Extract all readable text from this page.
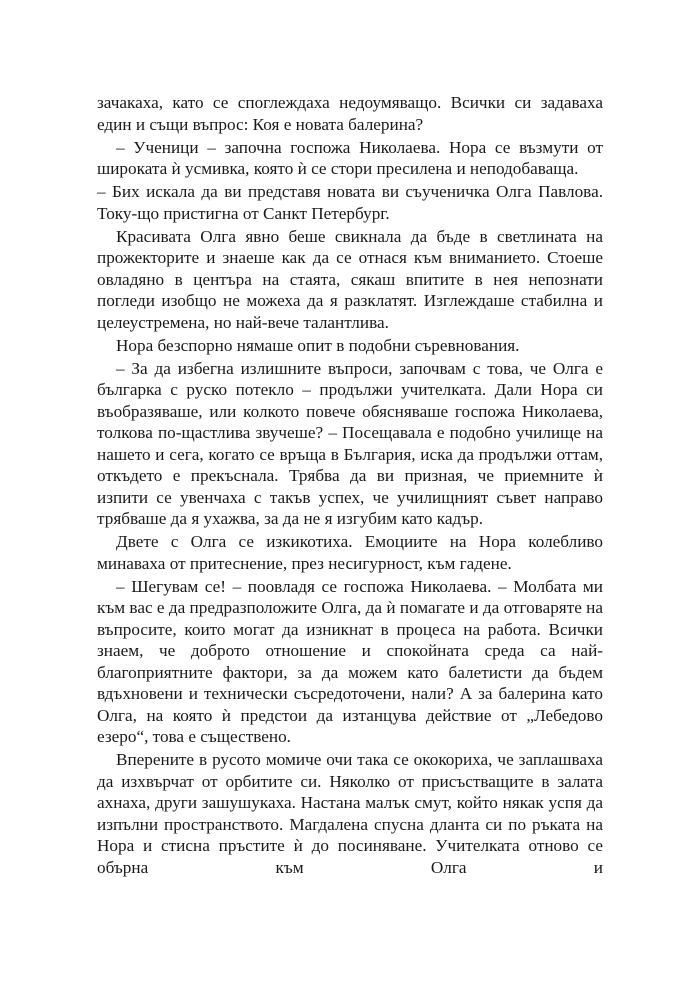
зачакаха, като се споглеждаха недоумяващо. Всички си задаваха един и същи въпрос: Коя е новата балерина?

– Ученици – започна госпожа Николаева. Нора се възмути от широката ѝ усмивка, която ѝ се стори пресилена и неподобаваща.

– Бих искала да ви представя новата ви съученичка Олга Павлова. Току-що пристигна от Санкт Петербург.

Красивата Олга явно беше свикнала да бъде в светлината на прожекторите и знаеше как да се отнася към вниманието. Стоеше овладяно в центъра на стаята, сякаш впитите в нея непознати погледи изобщо не можеха да я разклатят. Изглеждаше стабилна и целеустремена, но най-вече талантлива.

Нора безспорно нямаше опит в подобни съревнования.

– За да избегна излишните въпроси, започвам с това, че Олга е българка с руско потекло – продължи учителката. Дали Нора си въобразяваше, или колкото повече обясняваше госпожа Николаева, толкова по-щастлива звучеше? – Посещавала е подобно училище на нашето и сега, когато се връща в България, иска да продължи оттам, откъдето е прекъснала. Трябва да ви призная, че приемните ѝ изпити се увенчаха с такъв успех, че училищният съвет направо трябваше да я ухажва, за да не я изгубим като кадър.

Двете с Олга се изкикотиха. Емоциите на Нора колебливо минаваха от притеснение, през несигурност, към гадене.

– Шегувам се! – поовладя се госпожа Николаева. – Молбата ми към вас е да предразположите Олга, да ѝ помагате и да отговаряте на въпросите, които могат да изникнат в процеса на работа. Всички знаем, че доброто отношение и спокойната среда са най-благоприятните фактори, за да можем като балетисти да бъдем вдъхновени и технически съсредоточени, нали? А за балерина като Олга, на която ѝ предстои да изтанцува действие от „Лебедово езеро“, това е съществено.

Вперените в русото момиче очи така се ококориха, че заплашваха да изхвърчат от орбитите си. Няколко от присъстващите в залата ахнаха, други зашушукаха. Настана малък смут, който някак успя да изпълни пространството. Магдалена спусна дланта си по ръката на Нора и стисна пръстите ѝ до посиняване. Учителката отново се обърна към Олга и
